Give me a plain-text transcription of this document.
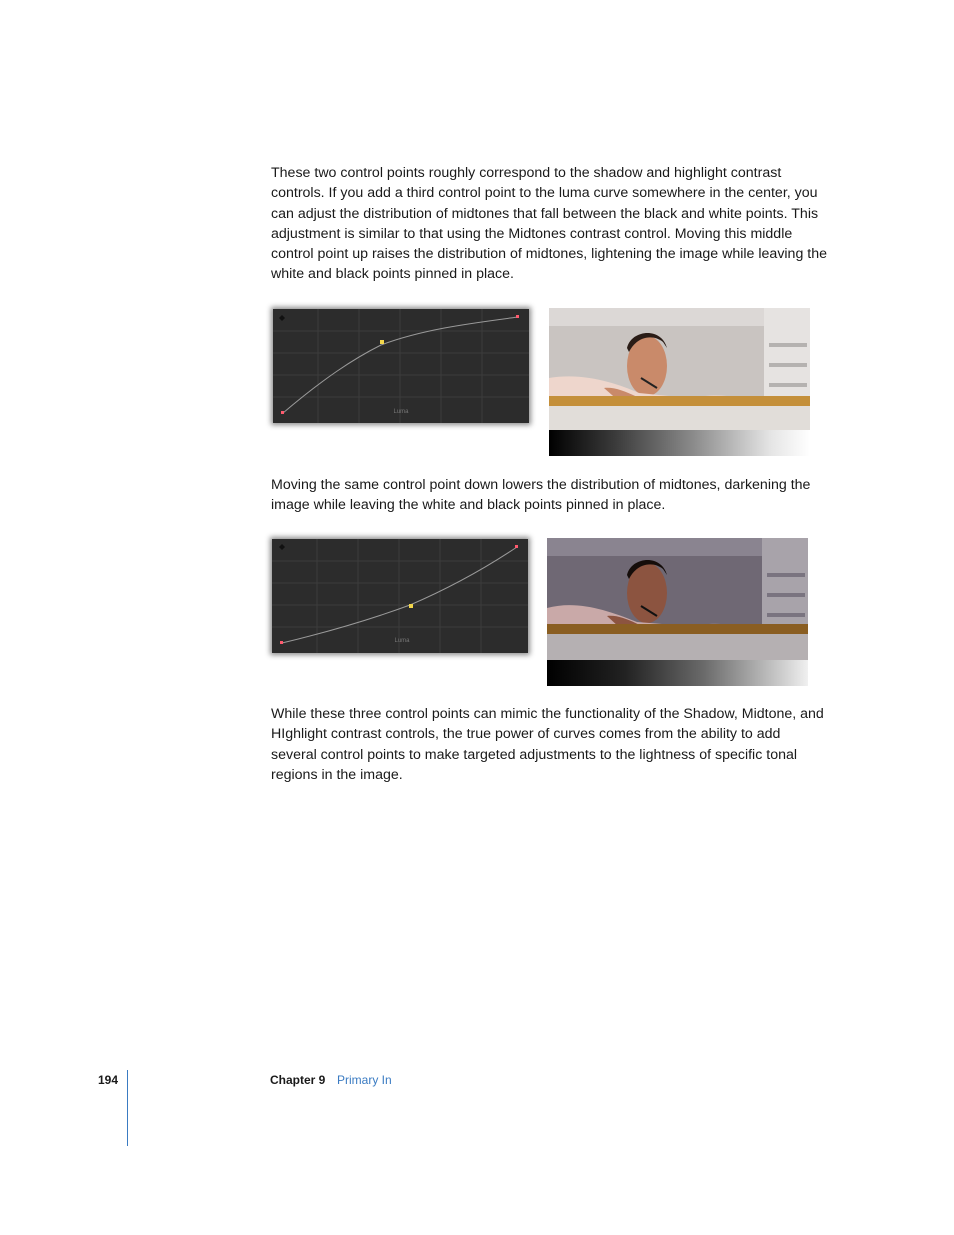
These two control points roughly correspond to the shadow and highlight contrast controls. If you add a third control point to the luma curve somewhere in the center, you can adjust the distribution of midtones that fall between the black and white points. This adjustment is similar to that using the Midtones contrast control. Moving this middle control point up raises the distribution of midtones, lightening the image while leaving the white and black points pinned in place.

Luma

Moving the same control point down lowers the distribution of midtones, darkening the image while leaving the white and black points pinned in place.

Luma

While these three control points can mimic the functionality of the Shadow, Midtone, and HIghlight contrast controls, the true power of curves comes from the ability to add several control points to make targeted adjustments to the lightness of specific tonal regions in the image.

194	Chapter 9 Primary In
